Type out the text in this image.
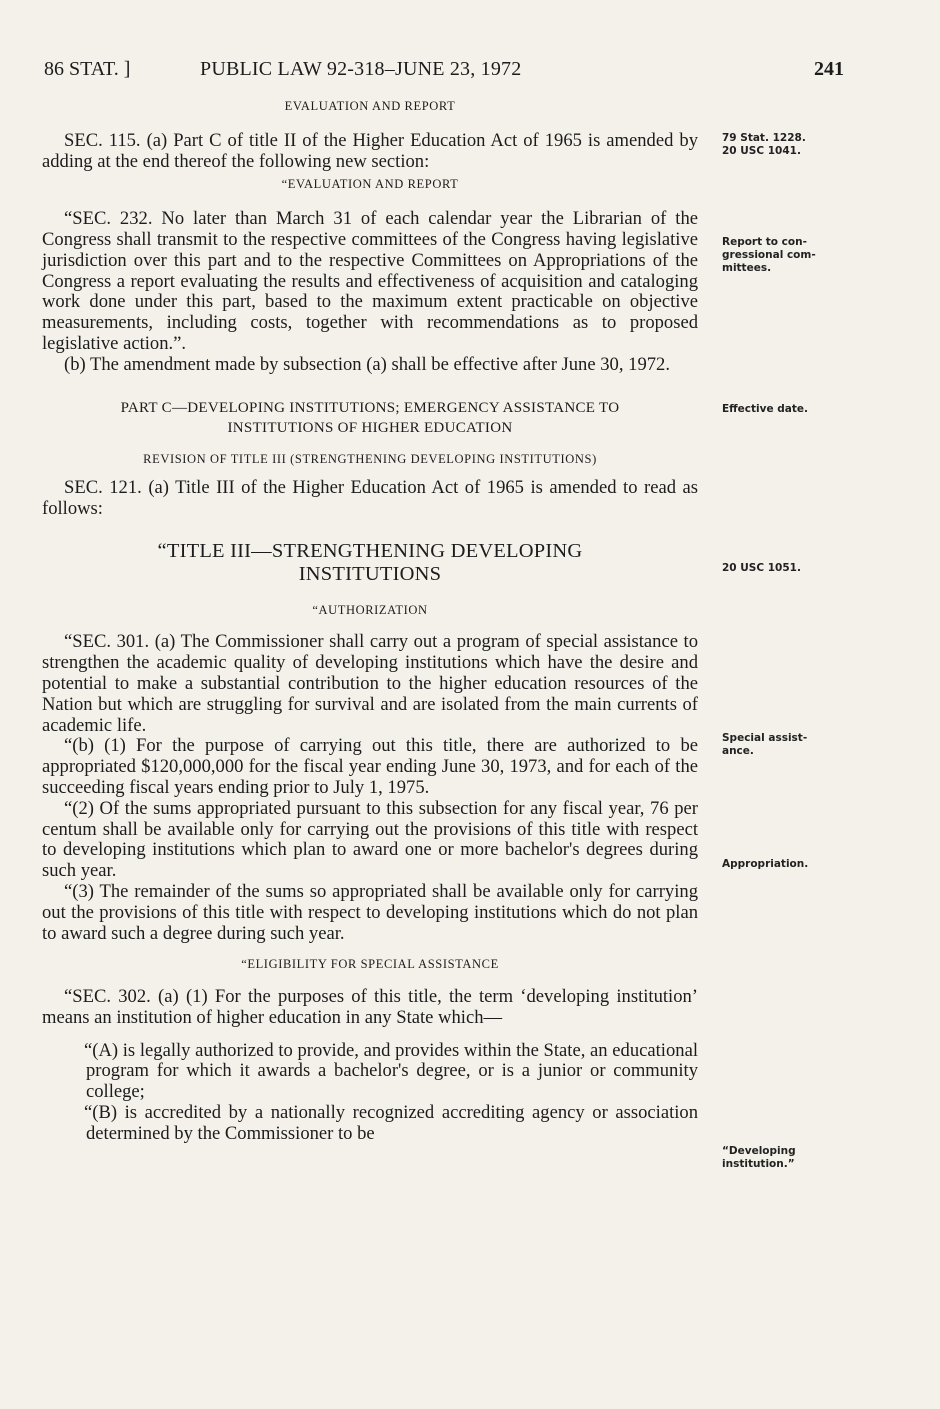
86 STAT. ]	PUBLIC LAW 92-318–JUNE 23, 1972	241

EVALUATION AND REPORT

SEC. 115. (a) Part C of title II of the Higher Education Act of 1965 is amended by adding at the end thereof the following new section:

“EVALUATION AND REPORT

“SEC. 232. No later than March 31 of each calendar year the Librarian of the Congress shall transmit to the respective committees of the Congress having legislative jurisdiction over this part and to the respective Committees on Appropriations of the Congress a report evaluating the results and effectiveness of acquisition and cataloging work done under this part, based to the maximum extent practicable on objective measurements, including costs, together with recommendations as to proposed legislative action.”.

(b) The amendment made by subsection (a) shall be effective after June 30, 1972.

PART C—DEVELOPING INSTITUTIONS; EMERGENCY ASSISTANCE TO

INSTITUTIONS OF HIGHER EDUCATION

REVISION OF TITLE III (STRENGTHENING DEVELOPING INSTITUTIONS)

SEC. 121. (a) Title III of the Higher Education Act of 1965 is amended to read as follows:

“TITLE III—STRENGTHENING DEVELOPING

INSTITUTIONS

“AUTHORIZATION

“SEC. 301. (a) The Commissioner shall carry out a program of special assistance to strengthen the academic quality of developing institutions which have the desire and potential to make a substantial contribution to the higher education resources of the Nation but which are struggling for survival and are isolated from the main currents of academic life.

“(b) (1) For the purpose of carrying out this title, there are authorized to be appropriated $120,000,000 for the fiscal year ending June 30, 1973, and for each of the succeeding fiscal years ending prior to July 1, 1975.

“(2) Of the sums appropriated pursuant to this subsection for any fiscal year, 76 per centum shall be available only for carrying out the provisions of this title with respect to developing institutions which plan to award one or more bachelor's degrees during such year.

“(3) The remainder of the sums so appropriated shall be available only for carrying out the provisions of this title with respect to developing institutions which do not plan to award such a degree during such year.

“ELIGIBILITY FOR SPECIAL ASSISTANCE

“SEC. 302. (a) (1) For the purposes of this title, the term ‘developing institution’ means an institution of higher education in any State which—

“(A) is legally authorized to provide, and provides within the State, an educational program for which it awards a bachelor's degree, or is a junior or community college;

“(B) is accredited by a nationally recognized accrediting agency or association determined by the Commissioner to be

79 Stat. 1228.
20 USC 1041.
Report to con-
gressional com-
mittees.
Effective date.
20 USC 1051.
Special assist-
ance.
Appropriation.
“Developing
institution.”
